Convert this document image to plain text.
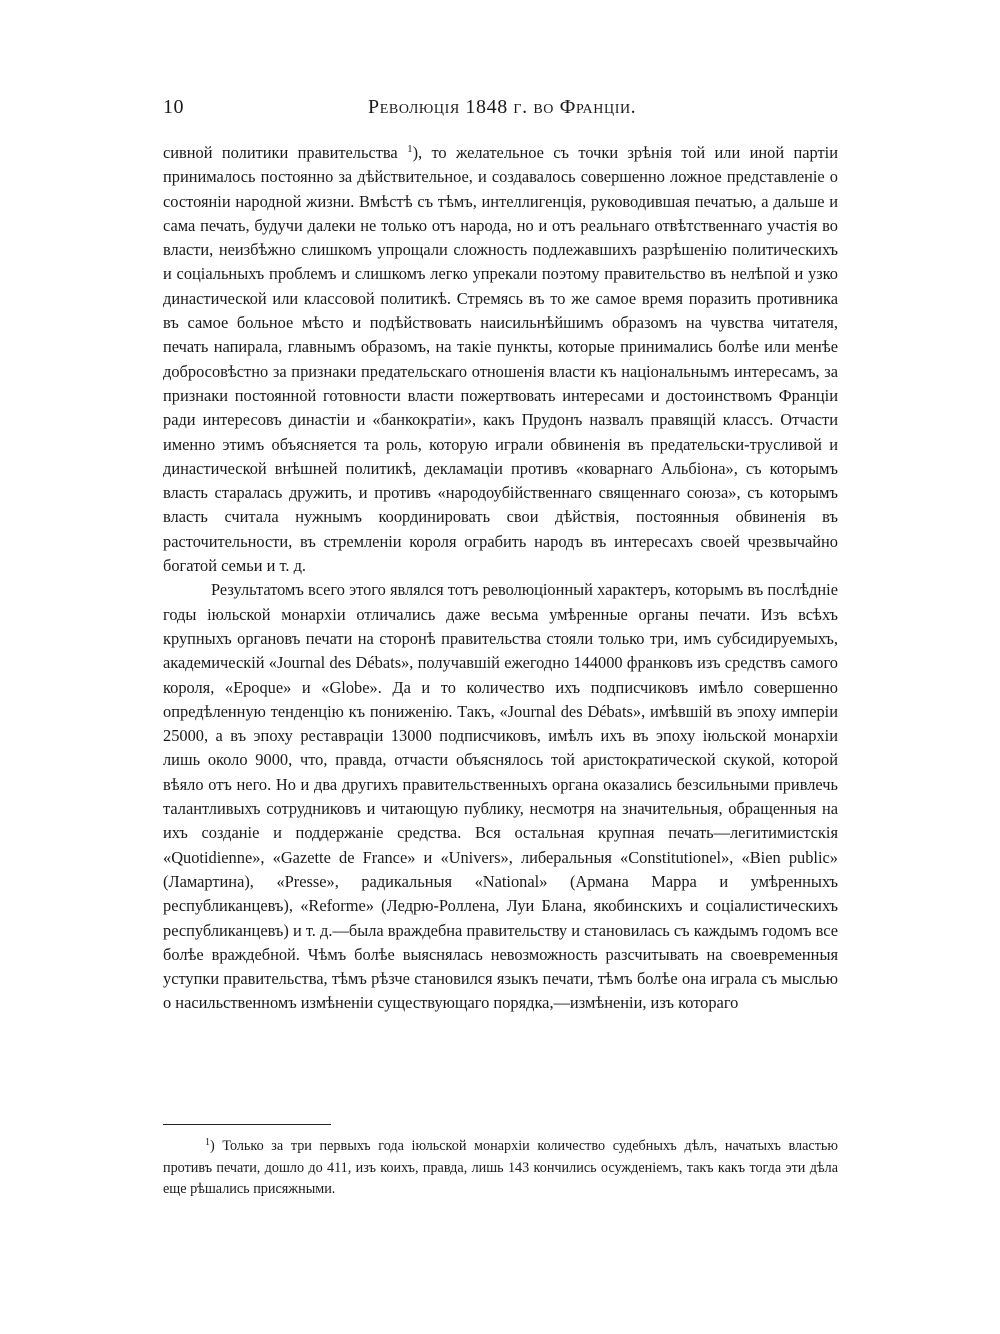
10	Революція 1848 г. во Франціи.

сивной политики правительства $^1$), то желательное съ точки зрѣнія той или иной партіи принималось постоянно за дѣйствительное, и создавалось совершенно ложное представленіе о состояніи народной жизни. Вмѣстѣ съ тѣмъ, интеллигенція, руководившая печатью, а дальше и сама печать, будучи далеки не только отъ народа, но и отъ реальнаго отвѣтственнаго участія во власти, неизбѣжно слишкомъ упрощали сложность подлежавшихъ разрѣшенію политическихъ и соціальныхъ проблемъ и слишкомъ легко упрекали поэтому правительство въ нелѣпой и узко династической или классовой политикѣ. Стремясь въ то же самое время поразить противника въ самое больное мѣсто и подѣйствовать наисильнѣйшимъ образомъ на чувства читателя, печать напирала, главнымъ образомъ, на такіе пункты, которые принимались болѣе или менѣе добросовѣстно за признаки предательскаго отношенія власти къ національнымъ интересамъ, за признаки постоянной готовности власти пожертвовать интересами и достоинствомъ Франціи ради интересовъ династіи и «банкократіи», какъ Прудонъ назвалъ правящій классъ. Отчасти именно этимъ объясняется та роль, которую играли обвиненія въ предательски-трусливой и династической внѣшней политикѣ, декламаціи противъ «коварнаго Альбіона», съ которымъ власть старалась дружить, и противъ «народоубійственнаго священнаго союза», съ которымъ власть считала нужнымъ координировать свои дѣйствія, постоянныя обвиненія въ расточительности, въ стремленіи короля ограбить народъ въ интересахъ своей чрезвычайно богатой семьи и т. д.

Результатомъ всего этого являлся тотъ революціонный характеръ, которымъ въ послѣдніе годы іюльской монархіи отличались даже весьма умѣренные органы печати. Изъ всѣхъ крупныхъ органовъ печати на сторонѣ правительства стояли только три, имъ субсидируемыхъ, академическій «Journal des Débats», получавшій ежегодно 144000 франковъ изъ средствъ самого короля, «Epoque» и «Globe». Да и то количество ихъ подписчиковъ имѣло совершенно опредѣленную тенденцію къ пониженію. Такъ, «Journal des Débats», имѣвшій въ эпоху имперіи 25000, а въ эпоху реставраціи 13000 подписчиковъ, имѣлъ ихъ въ эпоху іюльской монархіи лишь около 9000, что, правда, отчасти объяснялось той аристократической скукой, которой вѣяло отъ него. Но и два другихъ правительственныхъ органа оказались безсильными привлечь талантливыхъ сотрудниковъ и читающую публику, несмотря на значительныя, обращенныя на ихъ созданіе и поддержаніе средства. Вся остальная крупная печать—легитимистскія «Quotidienne», «Gazette de France» и «Univers», либеральныя «Constitutionel», «Bien public» (Ламартина), «Presse», радикальныя «National» (Армана Марра и умѣренныхъ республиканцевъ), «Reforme» (Ледрю-Роллена, Луи Блана, якобинскихъ и соціалистическихъ республиканцевъ) и т. д.—была враждебна правительству и становилась съ каждымъ годомъ все болѣе враждебной. Чѣмъ болѣе выяснялась невозможность разсчитывать на своевременныя уступки правительства, тѣмъ рѣзче становился языкъ печати, тѣмъ болѣе она играла съ мыслью о насильственномъ измѣненіи существующаго порядка,—измѣненіи, изъ котораго

$^1$) Только за три первыхъ года іюльской монархіи количество судебныхъ дѣлъ, начатыхъ властью противъ печати, дошло до 411, изъ коихъ, правда, лишь 143 кончились осужденіемъ, такъ какъ тогда эти дѣла еще рѣшались присяжными.
